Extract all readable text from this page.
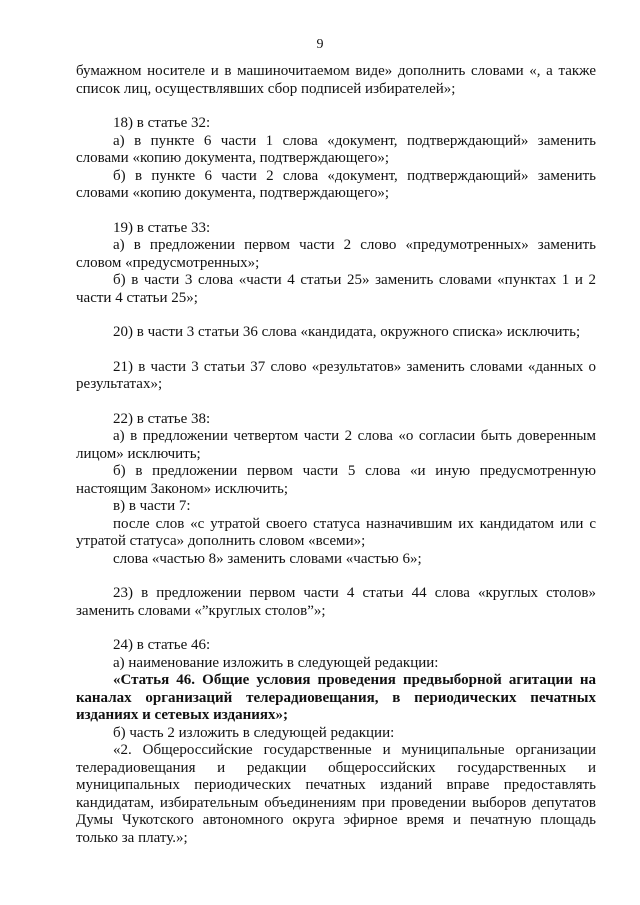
9
бумажном носителе и в машиночитаемом виде» дополнить словами «, а также
список лиц, осуществлявших сбор подписей избирателей»;
18) в статье 32:
а) в пункте 6 части 1 слова «документ, подтверждающий» заменить
словами «копию документа, подтверждающего»;
б) в пункте 6 части 2 слова «документ, подтверждающий» заменить
словами «копию документа, подтверждающего»;
19) в статье 33:
а) в предложении первом части 2 слово «предумотренных» заменить
словом «предусмотренных»;
б) в части 3 слова «части 4 статьи 25» заменить словами «пунктах 1 и 2
части 4 статьи 25»;
20) в части 3 статьи 36 слова «кандидата, окружного списка» исключить;
21) в части 3 статьи 37 слово «результатов» заменить словами «данных о
результатах»;
22) в статье 38:
а) в предложении четвертом части 2 слова «о согласии быть доверенным
лицом» исключить;
б) в предложении первом части 5 слова «и иную предусмотренную
настоящим Законом» исключить;
в) в части 7:
после слов «с утратой своего статуса назначившим их кандидатом или с
утратой статуса» дополнить словом «всеми»;
слова «частью 8» заменить словами «частью 6»;
23) в предложении первом части 4 статьи 44 слова «круглых столов»
заменить словами «”круглых столов”»;
24) в статье 46:
а) наименование изложить в следующей редакции:
«Статья 46. Общие условия проведения предвыборной агитации на
каналах организаций телерадиовещания, в периодических печатных
изданиях и сетевых изданиях»;
б) часть 2 изложить в следующей редакции:
«2. Общероссийские государственные и муниципальные организации
телерадиовещания и редакции общероссийских государственных и
муниципальных периодических печатных изданий вправе предоставлять
кандидатам, избирательным объединениям при проведении выборов депутатов
Думы Чукотского автономного округа эфирное время и печатную площадь
только за плату.»;
